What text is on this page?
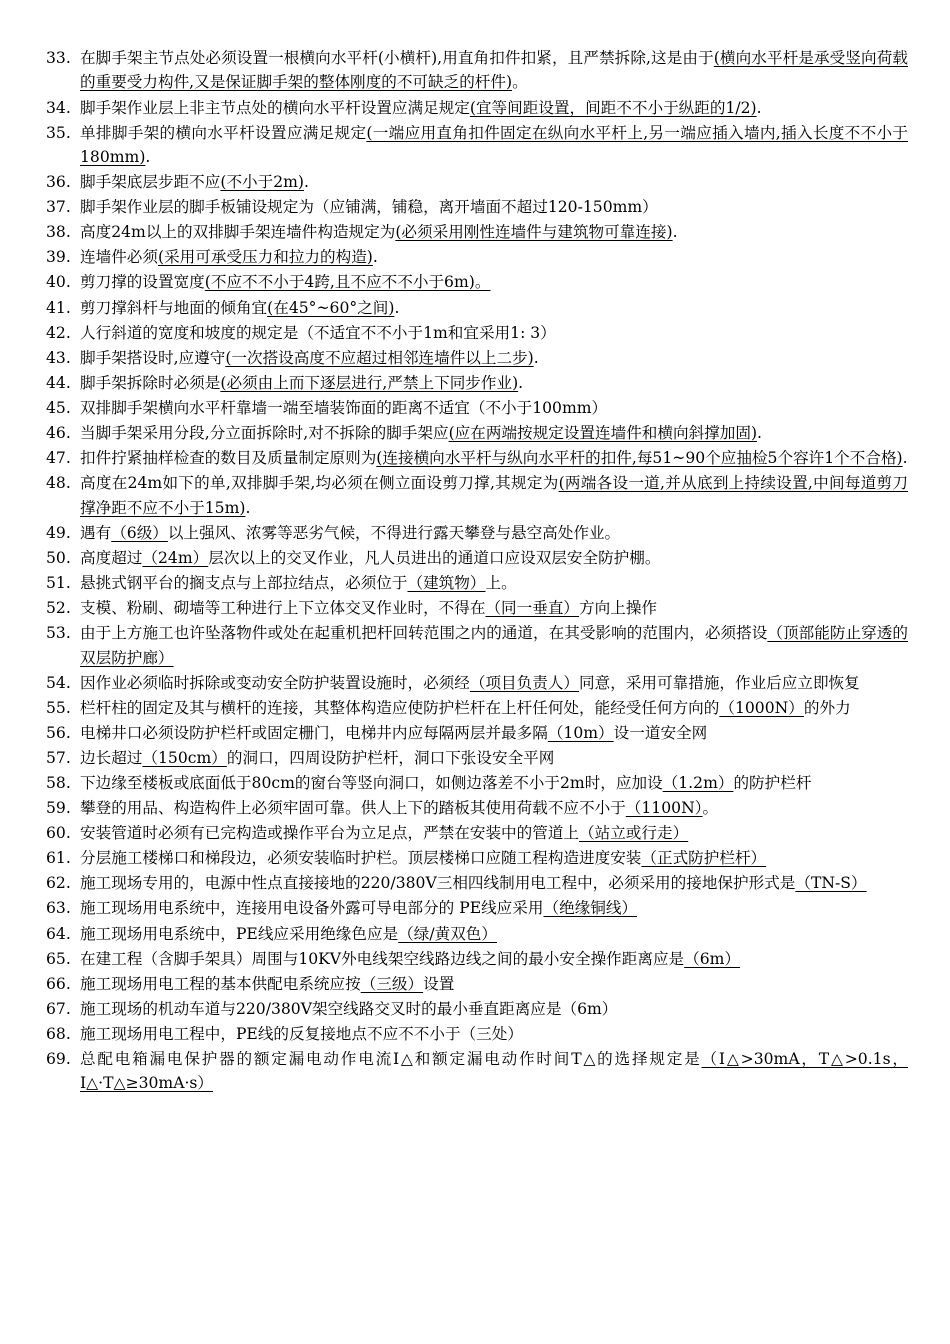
33. 在脚手架主节点处必须设置一根横向水平杆(小横杆),用直角扣件扣紧，且严禁拆除,这是由于(横向水平杆是承受竖向荷载的重要受力构件,又是保证脚手架的整体刚度的不可缺乏的杆件)。
34. 脚手架作业层上非主节点处的横向水平杆设置应满足规定(宜等间距设置，间距不不小于纵距的1/2).
35. 单排脚手架的横向水平杆设置应满足规定(一端应用直角扣件固定在纵向水平杆上,另一端应插入墙内,插入长度不不小于180mm).
36. 脚手架底层步距不应(不小于2m).
37. 脚手架作业层的脚手板铺设规定为（应铺满，铺稳，离开墙面不超过120-150mm）
38. 高度24m以上的双排脚手架连墙件构造规定为(必须采用刚性连墙件与建筑物可靠连接).
39. 连墙件必须(采用可承受压力和拉力的构造).
40. 剪刀撑的设置宽度(不应不不小于4跨,且不应不不小于6m)。
41. 剪刀撑斜杆与地面的倾角宜(在45°~60°之间).
42. 人行斜道的宽度和坡度的规定是（不适宜不不小于1m和宜采用1: 3）
43. 脚手架搭设时,应遵守(一次搭设高度不应超过相邻连墙件以上二步).
44. 脚手架拆除时必须是(必须由上而下逐层进行,严禁上下同步作业).
45. 双排脚手架横向水平杆靠墙一端至墙装饰面的距离不适宜（不小于100mm）
46. 当脚手架采用分段,分立面拆除时,对不拆除的脚手架应(应在两端按规定设置连墙件和横向斜撑加固).
47. 扣件拧紧抽样检查的数目及质量制定原则为(连接横向水平杆与纵向水平杆的扣件,每51~90个应抽检5个容许1个不合格).
48. 高度在24m如下的单,双排脚手架,均必须在侧立面设剪刀撑,其规定为(两端各设一道,并从底到上持续设置,中间每道剪刀撑净距不应不小于15m).
49. 遇有（6级）以上强风、浓雾等恶劣气候，不得进行露天攀登与悬空高处作业。
50. 高度超过（24m）层次以上的交叉作业，凡人员进出的通道口应设双层安全防护棚。
51. 悬挑式钢平台的搁支点与上部拉结点，必须位于（建筑物）上。
52. 支模、粉刷、砌墙等工种进行上下立体交叉作业时，不得在（同一垂直）方向上操作
53. 由于上方施工也许坠落物件或处在起重机把杆回转范围之内的通道，在其受影响的范围内，必须搭设（顶部能防止穿透的双层防护廊）
54. 因作业必须临时拆除或变动安全防护装置设施时，必须经（项目负责人）同意，采用可靠措施，作业后应立即恢复
55. 栏杆柱的固定及其与横杆的连接，其整体构造应使防护栏杆在上杆任何处，能经受任何方向的（1000N）的外力
56. 电梯井口必须设防护栏杆或固定栅门，电梯井内应每隔两层并最多隔（10m）设一道安全网
57. 边长超过（150cm）的洞口，四周设防护栏杆，洞口下张设安全平网
58. 下边缘至楼板或底面低于80cm的窗台等竖向洞口，如侧边落差不小于2m时，应加设（1.2m）的防护栏杆
59. 攀登的用品、构造构件上必须牢固可靠。供人上下的踏板其使用荷载不应不小于（1100N）。
60. 安装管道时必须有已完构造或操作平台为立足点，严禁在安装中的管道上（站立或行走）
61. 分层施工楼梯口和梯段边，必须安装临时护栏。顶层楼梯口应随工程构造进度安装（正式防护栏杆）
62. 施工现场专用的，电源中性点直接接地的220/380V三相四线制用电工程中，必须采用的接地保护形式是（TN-S）
63. 施工现场用电系统中，连接用电设备外露可导电部分的 PE线应采用（绝缘铜线）
64. 施工现场用电系统中，PE线应采用绝缘色应是（绿/黄双色）
65. 在建工程（含脚手架具）周围与10KV外电线架空线路边线之间的最小安全操作距离应是（6m）
66. 施工现场用电工程的基本供配电系统应按（三级）设置
67. 施工现场的机动车道与220/380V架空线路交叉时的最小垂直距离应是（6m）
68. 施工现场用电工程中，PE线的反复接地点不应不不小于（三处）
69. 总配电箱漏电保护器的额定漏电动作电流I△和额定漏电动作时间T△的选择规定是（I△>30mA，T△>0.1s，I△·T△≥30mA·s）
